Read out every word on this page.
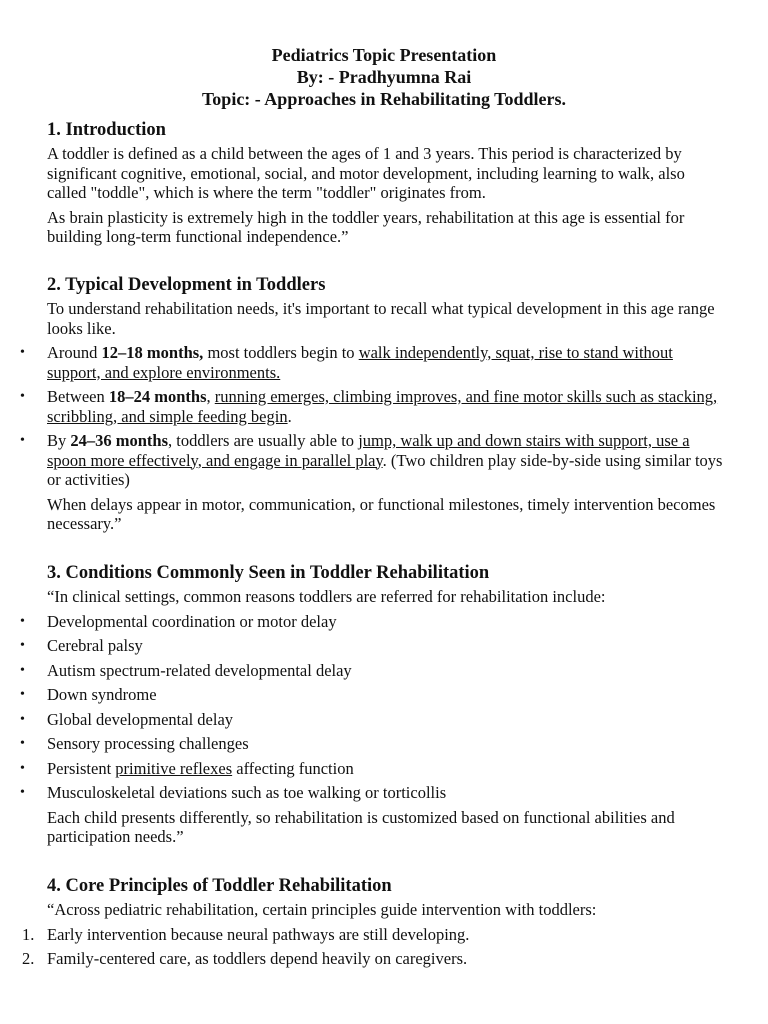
Pediatrics Topic Presentation
By: - Pradhyumna Rai
Topic: - Approaches in Rehabilitating Toddlers.
1. Introduction

A toddler is defined as a child between the ages of 1 and 3 years. This period is characterized by significant cognitive, emotional, social, and motor development, including learning to walk, also called "toddle", which is where the term "toddler" originates from.

As brain plasticity is extremely high in the toddler years, rehabilitation at this age is essential for building long-term functional independence.”

2. Typical Development in Toddlers

To understand rehabilitation needs, it's important to recall what typical development in this age range looks like.

• Around 12–18 months, most toddlers begin to walk independently, squat, rise to stand without support, and explore environments.
• Between 18–24 months, running emerges, climbing improves, and fine motor skills such as stacking, scribbling, and simple feeding begin.
• By 24–36 months, toddlers are usually able to jump, walk up and down stairs with support, use a spoon more effectively, and engage in parallel play. (Two children play side-by-side using similar toys or activities)

When delays appear in motor, communication, or functional milestones, timely intervention becomes necessary.”

3. Conditions Commonly Seen in Toddler Rehabilitation

“In clinical settings, common reasons toddlers are referred for rehabilitation include:

• Developmental coordination or motor delay
• Cerebral palsy
• Autism spectrum-related developmental delay
• Down syndrome
• Global developmental delay
• Sensory processing challenges
• Persistent primitive reflexes affecting function
• Musculoskeletal deviations such as toe walking or torticollis

Each child presents differently, so rehabilitation is customized based on functional abilities and participation needs.”

4. Core Principles of Toddler Rehabilitation

“Across pediatric rehabilitation, certain principles guide intervention with toddlers:

1. Early intervention because neural pathways are still developing.
2. Family-centered care, as toddlers depend heavily on caregivers.
